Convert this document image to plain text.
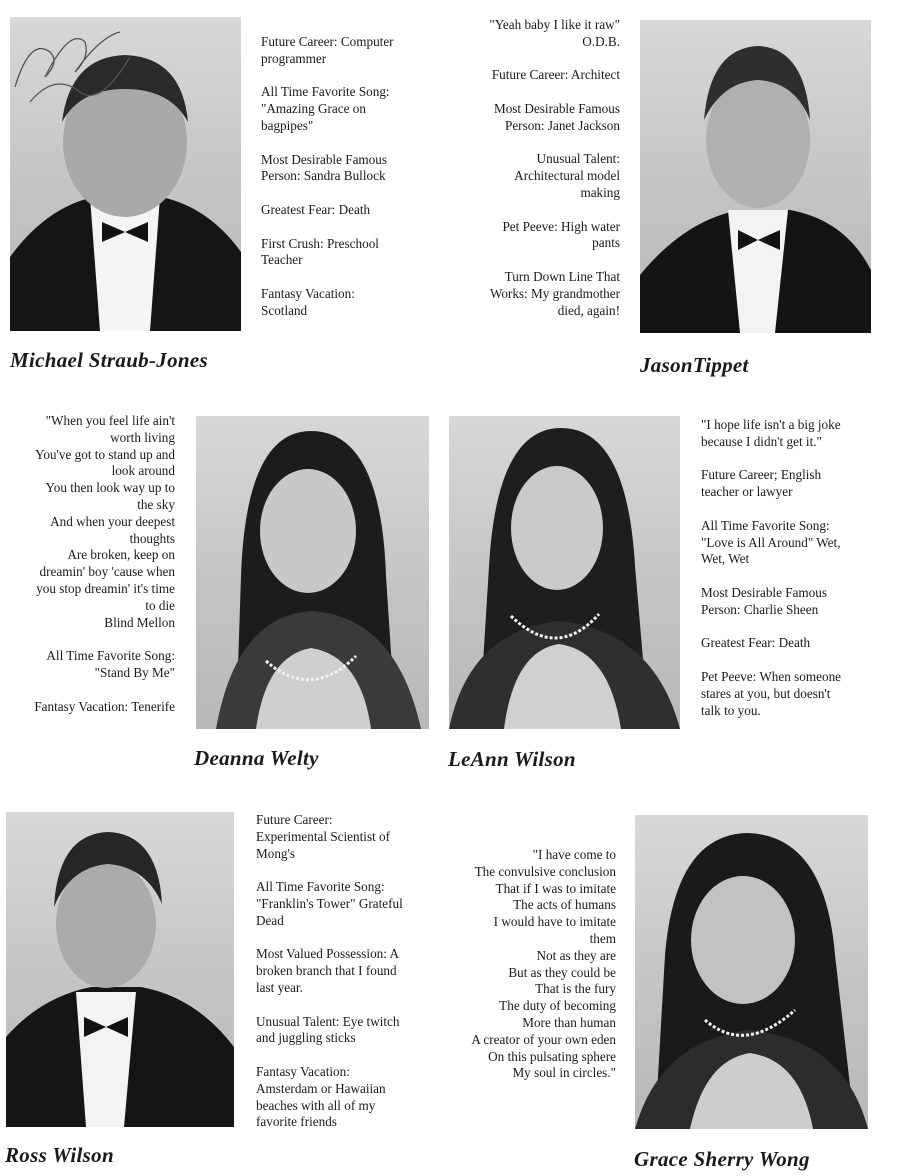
Future Career: Computer
programmer

All Time Favorite Song:
"Amazing Grace on
bagpipes"

Most Desirable Famous
Person: Sandra Bullock

Greatest Fear: Death

First Crush: Preschool
Teacher

Fantasy Vacation:
Scotland

Michael Straub-Jones

"Yeah baby I like it raw"
O.D.B.

Future Career: Architect

Most Desirable Famous
Person: Janet Jackson

Unusual Talent:
Architectural model
making

Pet Peeve: High water
pants

Turn Down Line That
Works: My grandmother
died, again!

JasonTippet

"When you feel life ain't
worth living
You've got to stand up and
look around
You then look way up to
the sky
And when your deepest
thoughts
Are broken, keep on
dreamin' boy 'cause when
you stop dreamin' it's time
to die
Blind Mellon

All Time Favorite Song:
"Stand By Me"

Fantasy Vacation: Tenerife

Deanna Welty

"I hope life isn't a big joke
because I didn't get it."

Future Career; English
teacher or lawyer

All Time Favorite Song:
"Love is All Around" Wet,
Wet, Wet

Most Desirable Famous
Person: Charlie Sheen

Greatest Fear: Death

Pet Peeve: When someone
stares at you, but doesn't
talk to you.

LeAnn Wilson

Future Career:
Experimental Scientist of
Mong's

All Time Favorite Song:
"Franklin's Tower" Grateful
Dead

Most Valued Possession: A
broken branch that I found
last year.

Unusual Talent: Eye twitch
and juggling sticks

Fantasy Vacation:
Amsterdam or Hawaiian
beaches with all of my
favorite friends

Ross Wilson

"I have come to
The convulsive conclusion
That if I was to imitate
The acts of humans
I would have to imitate
them
Not as they are
But as they could be
That is the fury
The duty of becoming
More than human
A creator of your own eden
On this pulsating sphere
My soul in circles."

Grace Sherry Wong
